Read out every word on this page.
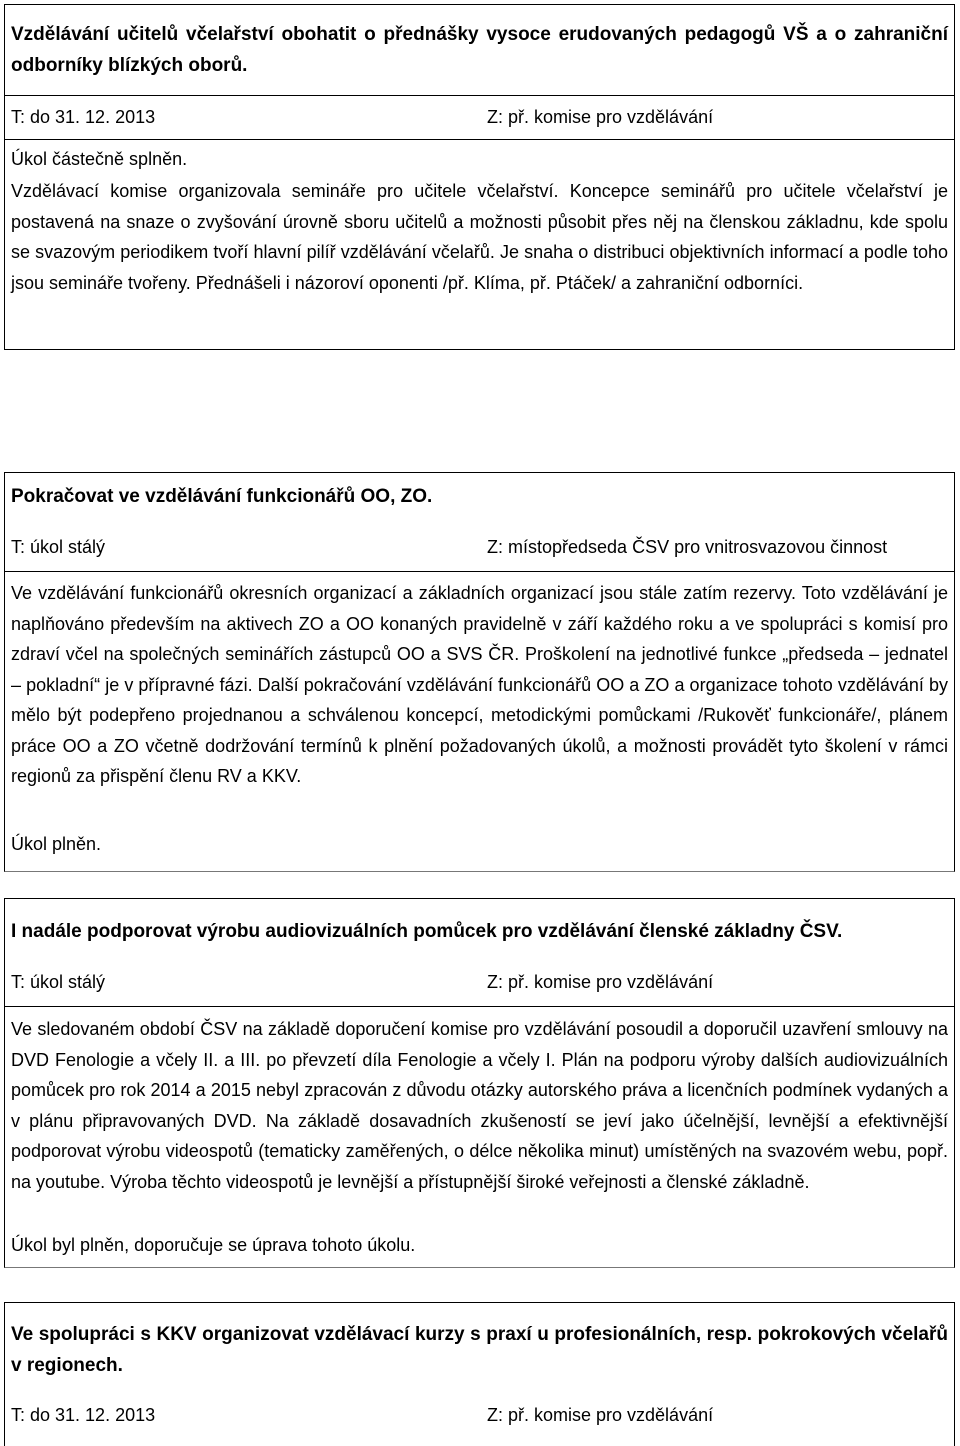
Vzdělávání učitelů včelařství obohatit o přednášky vysoce erudovaných pedagogů VŠ a o zahraniční odborníky blízkých oborů.
T: do 31. 12. 2013	Z: př. komise pro vzdělávání
Úkol částečně splněn.
Vzdělávací komise organizovala semináře pro učitele včelařství. Koncepce seminářů pro učitele včelařství je postavená na snaze o zvyšování úrovně sboru učitelů a možnosti působit přes něj na členskou základnu, kde spolu se svazovým periodikem tvoří hlavní pilíř vzdělávání včelařů. Je snaha o distribuci objektivních informací a podle toho jsou semináře tvořeny. Přednášeli i názoroví oponenti /př. Klíma, př. Ptáček/ a zahraniční odborníci.
Pokračovat ve vzdělávání funkcionářů OO, ZO.
T: úkol stálý	Z: místopředseda ČSV pro vnitrosvazovou činnost
Ve vzdělávání funkcionářů okresních organizací a základních organizací jsou stále zatím rezervy. Toto vzdělávání je naplňováno především na aktivech ZO a OO konaných pravidelně v září každého roku a ve spolupráci s komisí pro zdraví včel na společných seminářích zástupců OO a SVS ČR. Proškolení na jednotlivé funkce „předseda – jednatel – pokladní“ je v přípravné fázi. Další pokračování vzdělávání funkcionářů OO a ZO a organizace tohoto vzdělávání by mělo být podepřeno projednanou a schválenou koncepcí, metodickými pomůckami /Rukověť funkcionáře/, plánem práce OO a ZO včetně dodržování termínů k plnění požadovaných úkolů, a možnosti provádět tyto školení v rámci regionů za přispění členu RV a KKV.
Úkol plněn.
I nadále podporovat výrobu audiovizuálních pomůcek pro vzdělávání členské základny ČSV.
T: úkol stálý	Z: př. komise pro vzdělávání
Ve sledovaném období ČSV na základě doporučení komise pro vzdělávání posoudil a doporučil uzavření smlouvy na DVD Fenologie a včely II. a III. po převzetí díla Fenologie a včely I. Plán na podporu výroby dalších audiovizuálních pomůcek pro rok 2014 a 2015 nebyl zpracován z důvodu otázky autorského práva a licenčních podmínek vydaných a v plánu připravovaných DVD. Na základě dosavadních zkušeností se jeví jako účelnější, levnější a efektivnější podporovat výrobu videospotů (tematicky zaměřených, o délce několika minut) umístěných na svazovém webu, popř. na youtube. Výroba těchto videospotů je levnější a přístupnější široké veřejnosti a členské základně.
Úkol byl plněn, doporučuje se úprava tohoto úkolu.
Ve spolupráci s KKV organizovat vzdělávací kurzy s praxí u profesionálních, resp. pokrokových včelařů v regionech.
T: do 31. 12. 2013	Z: př. komise pro vzdělávání
